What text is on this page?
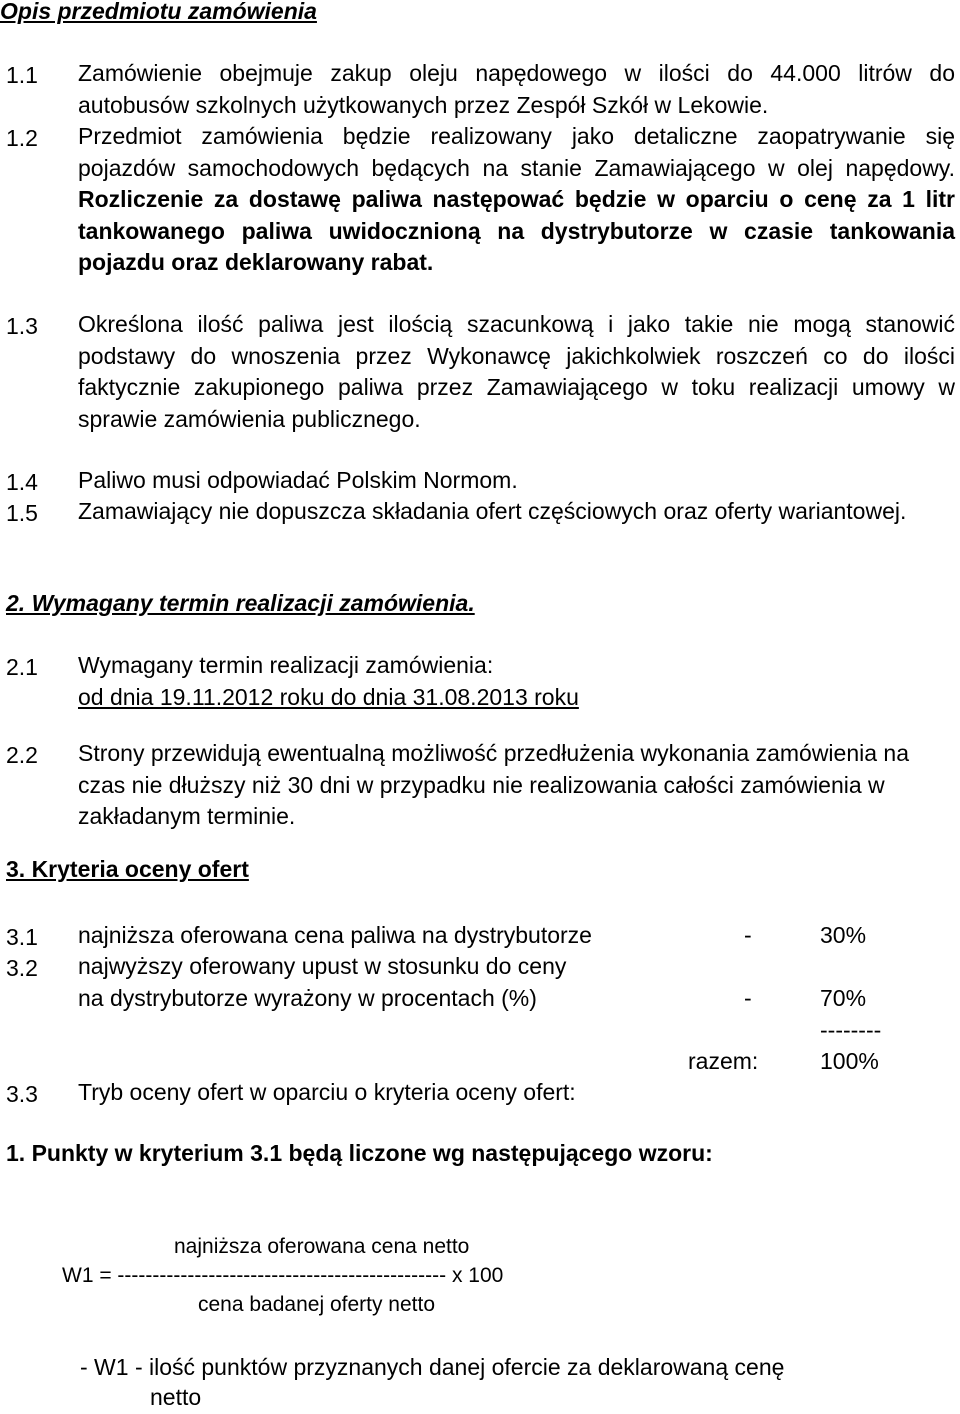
Opis przedmiotu zamówienia
1.1 Zamówienie obejmuje zakup oleju napędowego w ilości do 44.000 litrów do autobusów szkolnych użytkowanych przez Zespół Szkół w Lekowie.
1.2 Przedmiot zamówienia będzie realizowany jako detaliczne zaopatrywanie się pojazdów samochodowych będących na stanie Zamawiającego w olej napędowy. Rozliczenie za dostawę paliwa następować będzie w oparciu o cenę za 1 litr tankowanego paliwa uwidocznioną na dystrybutorze w czasie tankowania pojazdu oraz deklarowany rabat.
1.3 Określona ilość paliwa jest ilością szacunkową i jako takie nie mogą stanowić podstawy do wnoszenia przez Wykonawcę jakichkolwiek roszczeń co do ilości faktycznie zakupionego paliwa przez Zamawiającego w toku realizacji umowy w sprawie zamówienia publicznego.
1.4 Paliwo musi odpowiadać Polskim Normom.
1.5 Zamawiający nie dopuszcza składania ofert częściowych oraz oferty wariantowej.
2. Wymagany termin realizacji zamówienia.
2.1 Wymagany termin realizacji zamówienia:
od dnia 19.11.2012 roku do dnia 31.08.2013 roku
2.2 Strony przewidują ewentualną możliwość przedłużenia wykonania zamówienia na czas nie dłuższy niż 30 dni w przypadku nie realizowania całości zamówienia w zakładanym terminie.
3. Kryteria oceny ofert
3.1 najniższa oferowana cena paliwa na dystrybutorze	-	30%
3.2 najwyższy oferowany upust w stosunku do ceny
na dystrybutorze wyrażony w procentach (%)	-	70%
--------
razem:	100%
3.3 Tryb oceny ofert w oparciu o kryteria oceny ofert:
1. Punkty w kryterium 3.1 będą liczone wg następującego wzoru:
najniższa oferowana cena netto
W1 = ----------------------------------------------- x 100
cena badanej oferty netto
- W1 - ilość punktów przyznanych danej ofercie za deklarowaną cenę
netto
